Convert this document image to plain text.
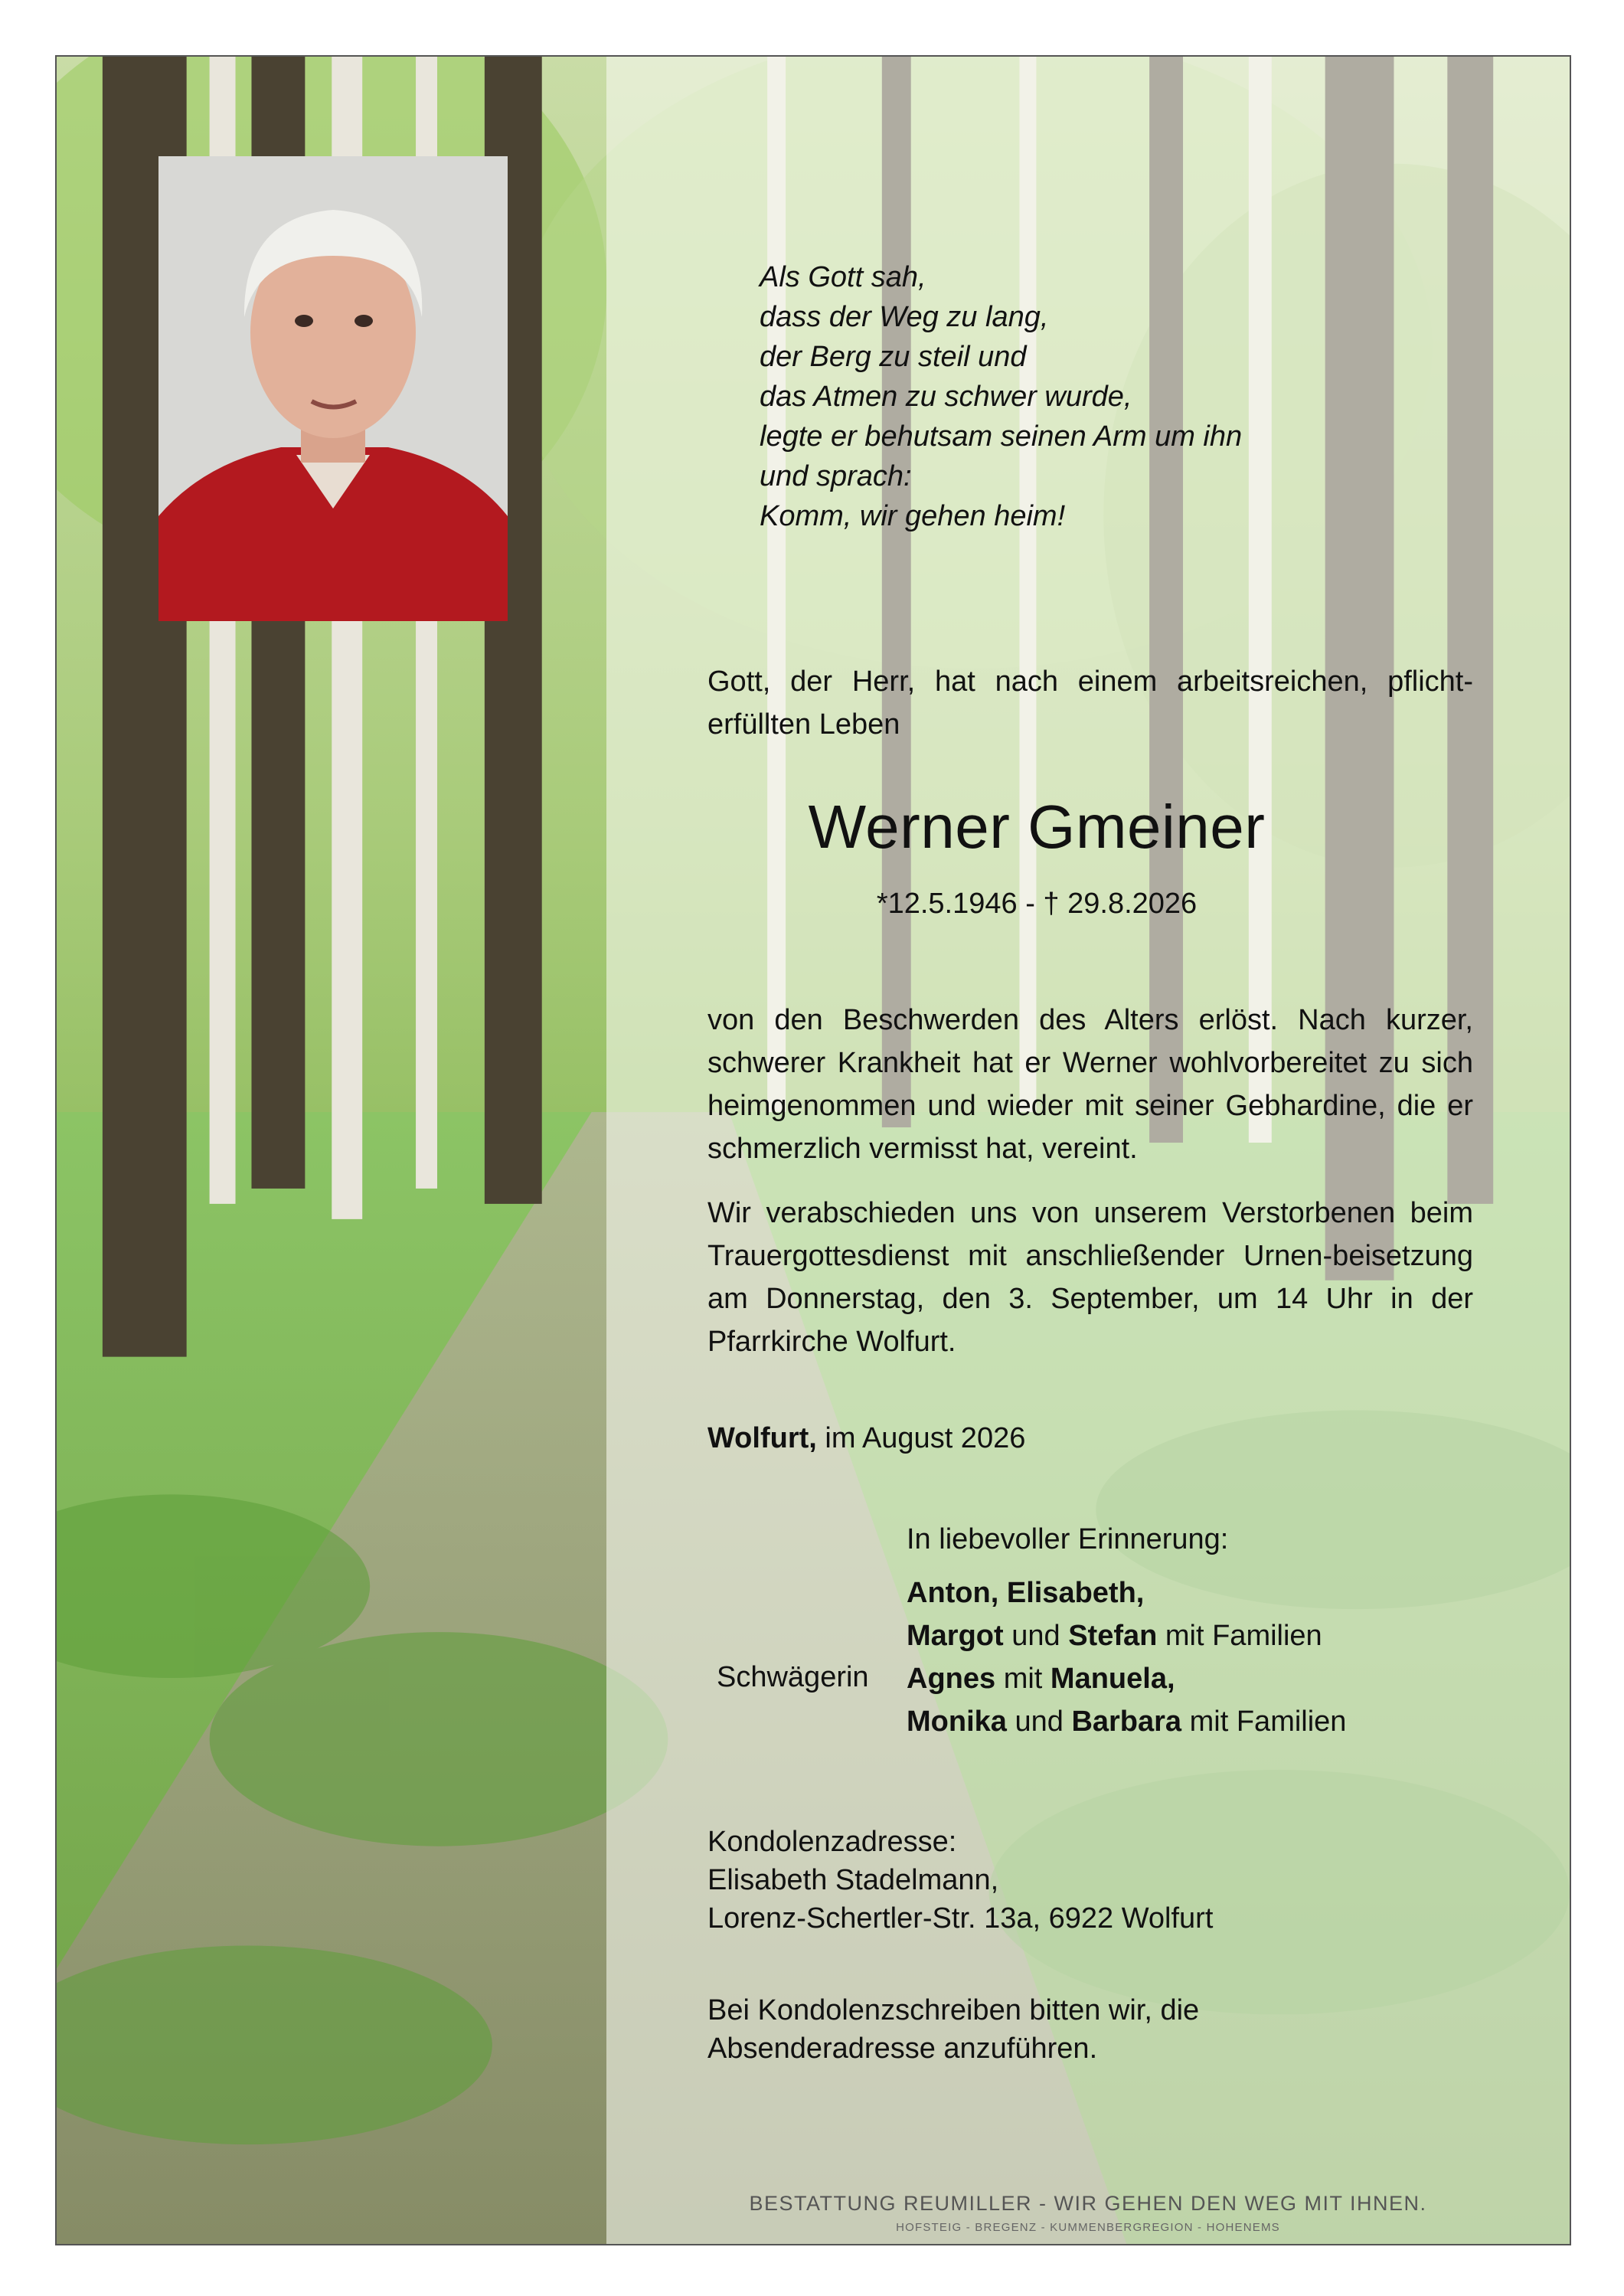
Als Gott sah,
dass der Weg zu lang,
der Berg zu steil und
das Atmen zu schwer wurde,
legte er behutsam seinen Arm um ihn
und sprach:
Komm, wir gehen heim!

Gott, der Herr, hat nach einem arbeitsreichen, pflicht-erfüllten Leben

Werner Gmeiner
*12.5.1946 - † 29.8.2026

von den Beschwerden des Alters erlöst. Nach kurzer, schwerer Krankheit hat er Werner wohlvorbereitet zu sich heimgenommen und wieder mit seiner Gebhardine, die er schmerzlich vermisst hat, vereint.

Wir verabschieden uns von unserem Verstorbenen beim Trauergottesdienst mit anschließender Urnen-beisetzung am Donnerstag, den 3. September, um 14 Uhr in der Pfarrkirche Wolfurt.

Wolfurt, im August 2026
In liebevoller Erinnerung:
Schwägerin
Anton, Elisabeth,
Margot und Stefan mit Familien
Agnes mit Manuela,
Monika und Barbara mit Familien
Kondolenzadresse:
Elisabeth Stadelmann,
Lorenz-Schertler-Str. 13a, 6922 Wolfurt
Bei Kondolenzschreiben bitten wir, die
Absenderadresse anzuführen.
BESTATTUNG REUMILLER - WIR GEHEN DEN WEG MIT IHNEN.
HOFSTEIG - BREGENZ - KUMMENBERGREGION - HOHENEMS
